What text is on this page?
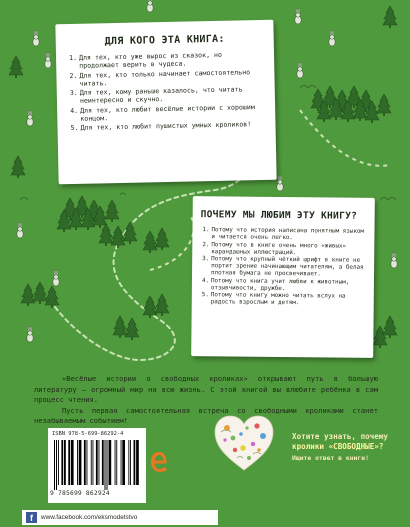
ДЛЯ КОГО ЭТА КНИГА:
1. Для тех, кто уже вырос из сказок, но продолжает верить в чудеса.
2. Для тех, кто только начинает самостоятельно читать.
3. Для тех, кому раньше казалось, что читать неинтересно и скучно.
4. Для тех, кто любит весёлые истории с хорошим концом.
5. Для тех, кто любит пушистых умных кроликов!
ПОЧЕМУ МЫ ЛЮБИМ ЭТУ КНИГУ?
1. Потому что история написана понятным языком и читается очень легко.
2. Потому что в книге очень много «живых» карандашных иллюстраций.
3. Потому что крупный чёткий шрифт в книге не портит зрение начинающим читателям, а белая плотная бумага не просвечивает.
4. Потому что книга учит любви к животным, отзывчивости, дружбе.
5. Потому что книгу можно читать вслух на радость взрослым и детям.

«Весёлые истории о свободных кроликах» открывают путь в большую литературу – огромный мир на всю жизнь. С этой книгой вы влюбите ребёнка в сам процесс чтения.

Пусть первая самостоятельная встреча со свободными кроликами станет незабываемым событием!

ISBN 978-5-699-86292-4
9 785699 862924
Хотите узнать, почему
кролики «СВОБОДНЫЕ»?
Ищите ответ в книге!
f	www.facebook.com/eksmodetstvo
